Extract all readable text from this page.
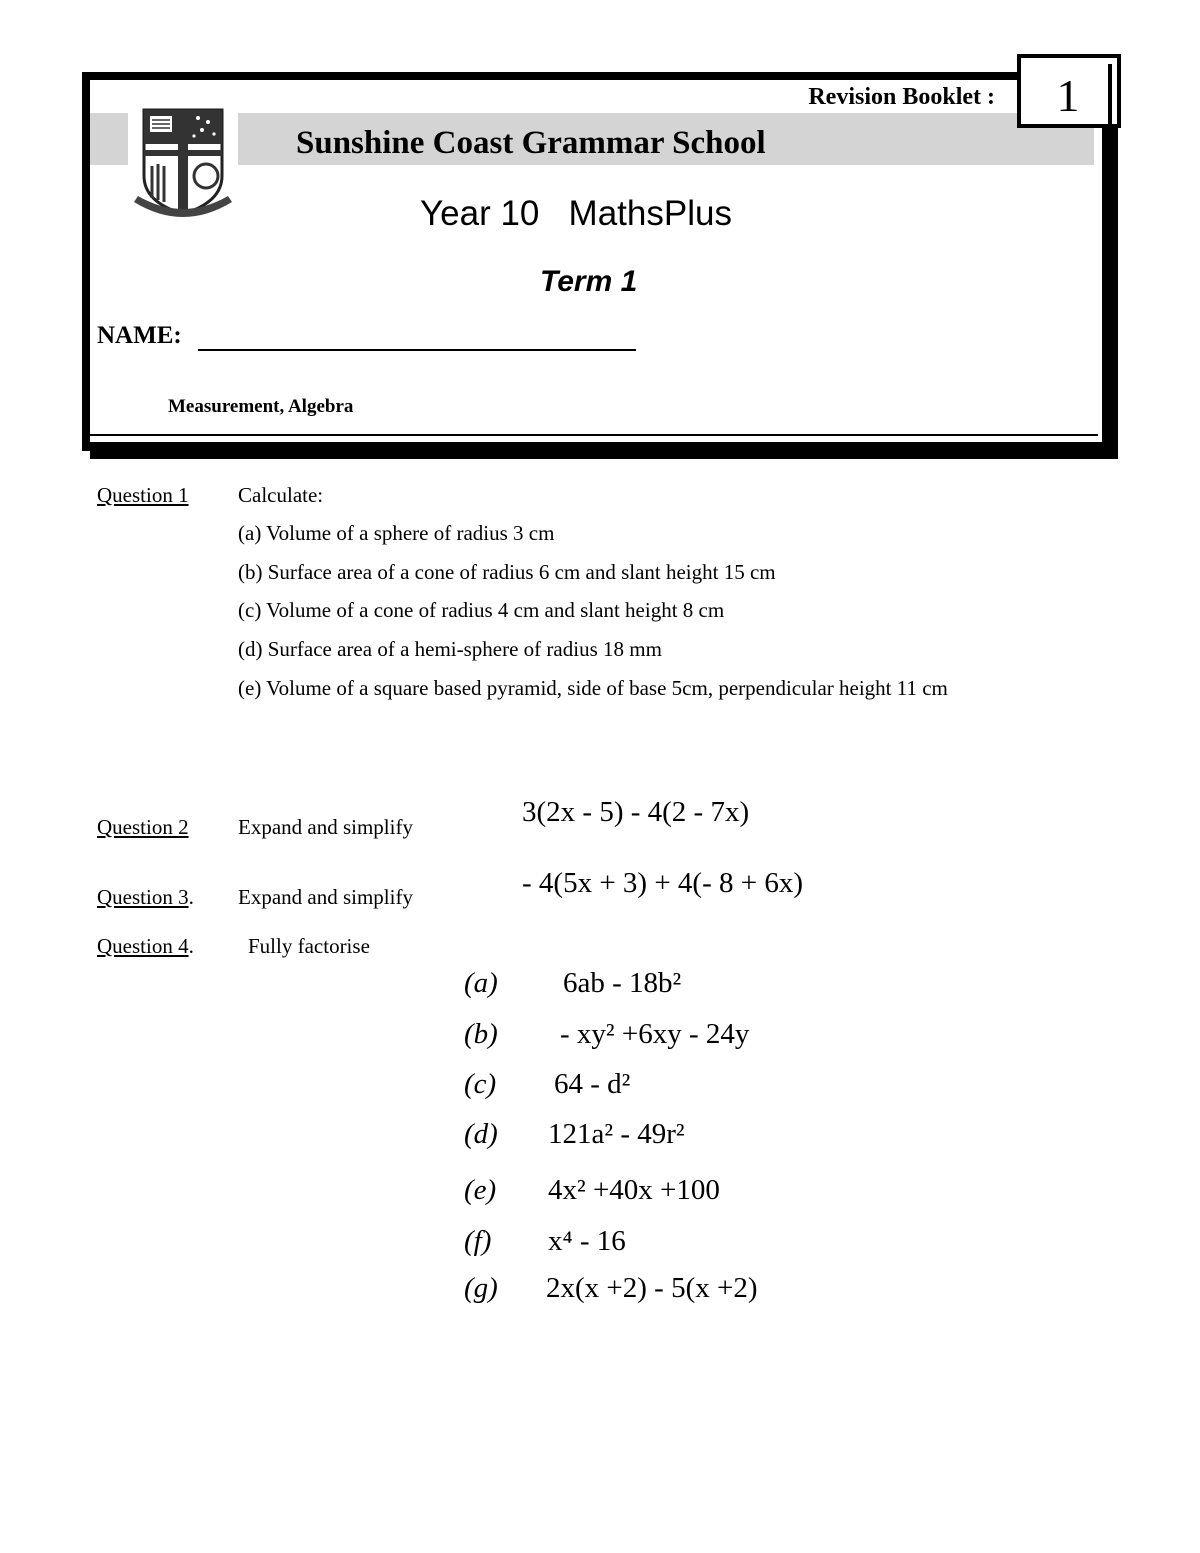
1
Revision Booklet :
Sunshine Coast Grammar School
Year 10   MathsPlus
Term 1
NAME:
Measurement, Algebra
Question 1 Calculate:
(a) Volume of a sphere of radius 3 cm
(b) Surface area of a cone of radius 6 cm and slant height 15 cm
(c) Volume of a cone of radius 4 cm and slant height 8 cm
(d) Surface area of a hemi-sphere of radius 18 mm
(e) Volume of a square based pyramid, side of base 5cm, perpendicular height 11 cm
Question 2 Expand and simplify	3(2x - 5) - 4(2 - 7x)
Question 3. Expand and simplify	- 4(5x + 3) + 4(- 8 + 6x)
Question 4.	Fully factorise
(a) 6ab - 18b²
(b) - xy² +6xy - 24y
(c) 64 - d²
(d) 121a² - 49r²
(e) 4x² +40x +100
(f) x⁴ - 16
(g) 2x(x +2) - 5(x +2)
